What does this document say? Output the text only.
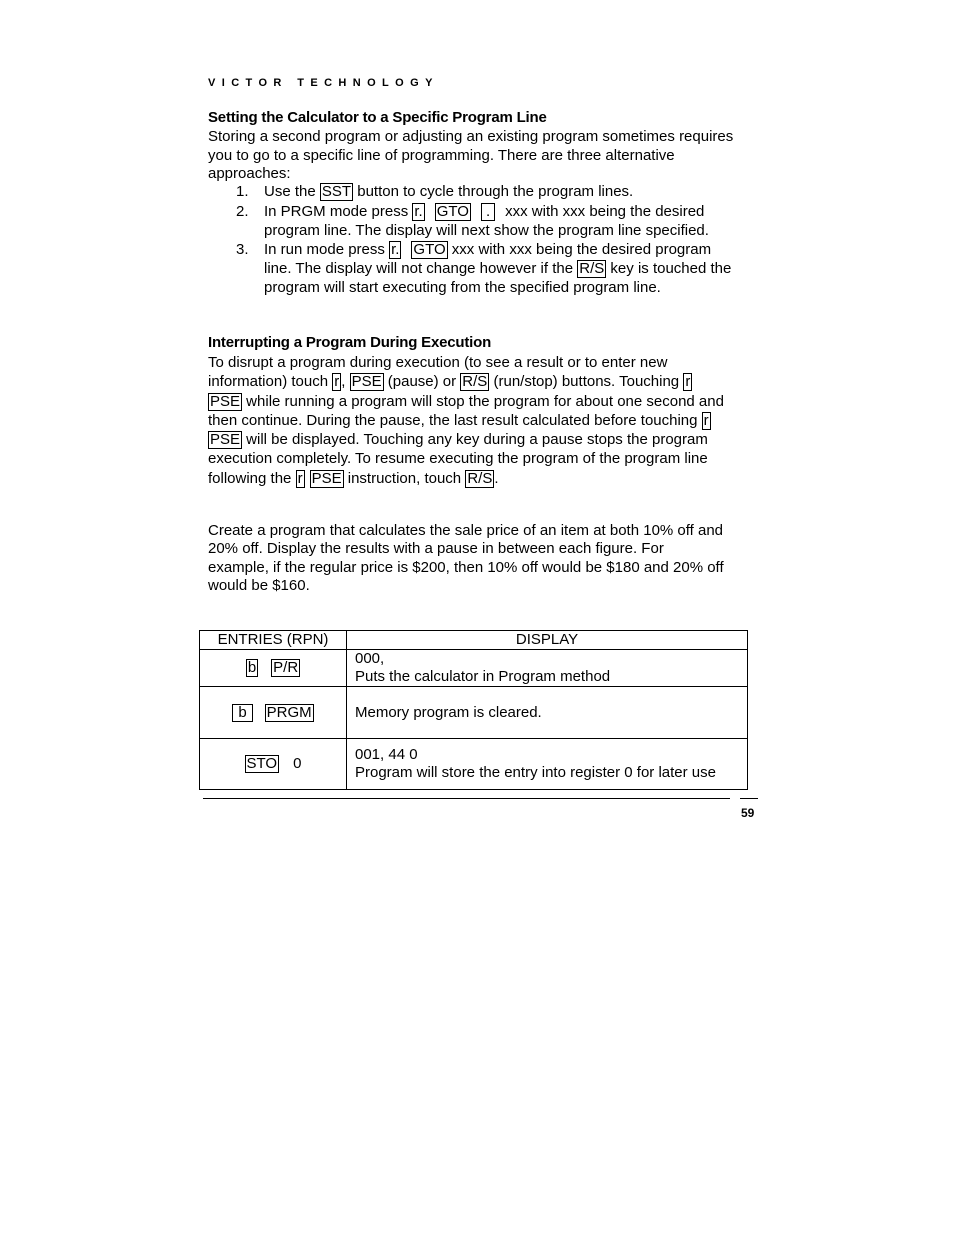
VICTOR TECHNOLOGY
Setting the Calculator to a Specific Program Line
Storing a second program or adjusting an existing program sometimes requires
you to go to a specific line of programming. There are three alternative
approaches:
1. Use the SST button to cycle through the program lines.
2. In PRGM mode press r. GTO . xxx with xxx being the desired
program line. The display will next show the program line specified.
3. In run mode press r. GTO xxx with xxx being the desired program
line. The display will not change however if the R/S key is touched the
program will start executing from the specified program line.
Interrupting a Program During Execution
To disrupt a program during execution (to see a result or to enter new
information) touch r , PSE (pause) or R/S (run/stop) buttons. Touching r
PSE while running a program will stop the program for about one second and
then continue. During the pause, the last result calculated before touching r
PSE will be displayed. Touching any key during a pause stops the program
execution completely. To resume executing the program of the program line
following the rPSE instruction, touch R/S.
Create a program that calculates the sale price of an item at both 10% off and
20% off. Display the results with a pause in between each figure. For
example, if the regular price is $200, then 10% off would be $180 and 20% off
would be $160.
ENTRIES (RPN)	DISPLAY
b P/R	000,
Puts the calculator in Program method

b PRGM	Memory program is cleared.

STO 0	001, 44 0
Program will store the entry into register 0 for later use
59
